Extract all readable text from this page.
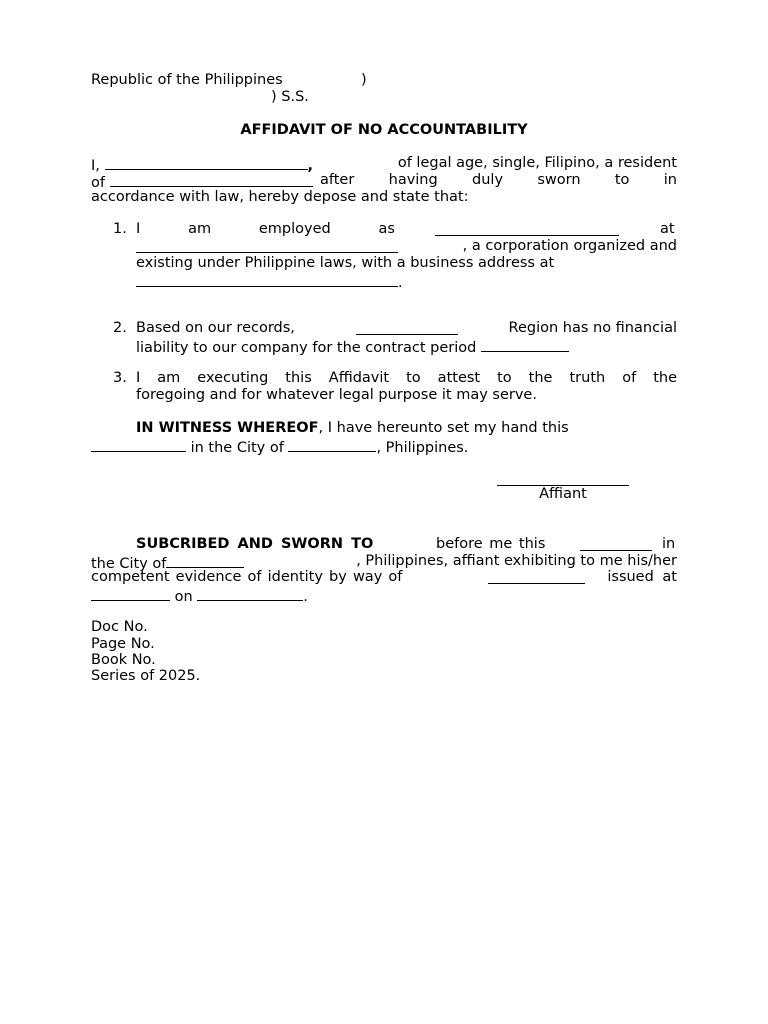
Republic of the Philippines	)
) S.S.
AFFIDAVIT OF NO ACCOUNTABILITY
I,	,	of legal age, single, Filipino, a resident
of	after having duly sworn to in
accordance with law, hereby depose and state that:
1. I	am	employed	as	at
, a corporation organized and
existing under Philippine laws, with a business address at
.
2. Based on our records,	Region has no financial
liability to our company for the contract period
3. I am executing this Affidavit to attest to the truth of the
foregoing and for whatever legal purpose it may serve.
IN WITNESS WHEREOF, I have hereunto set my hand this
in the City of	, Philippines.
Affiant
SUBCRIBED AND SWORN TO	before me this	in
the City of	, Philippines, affiant exhibiting to me his/her
competent evidence of identity by way of	issued at
on	.
Doc No.
Page No.
Book No.
Series of 2025.
